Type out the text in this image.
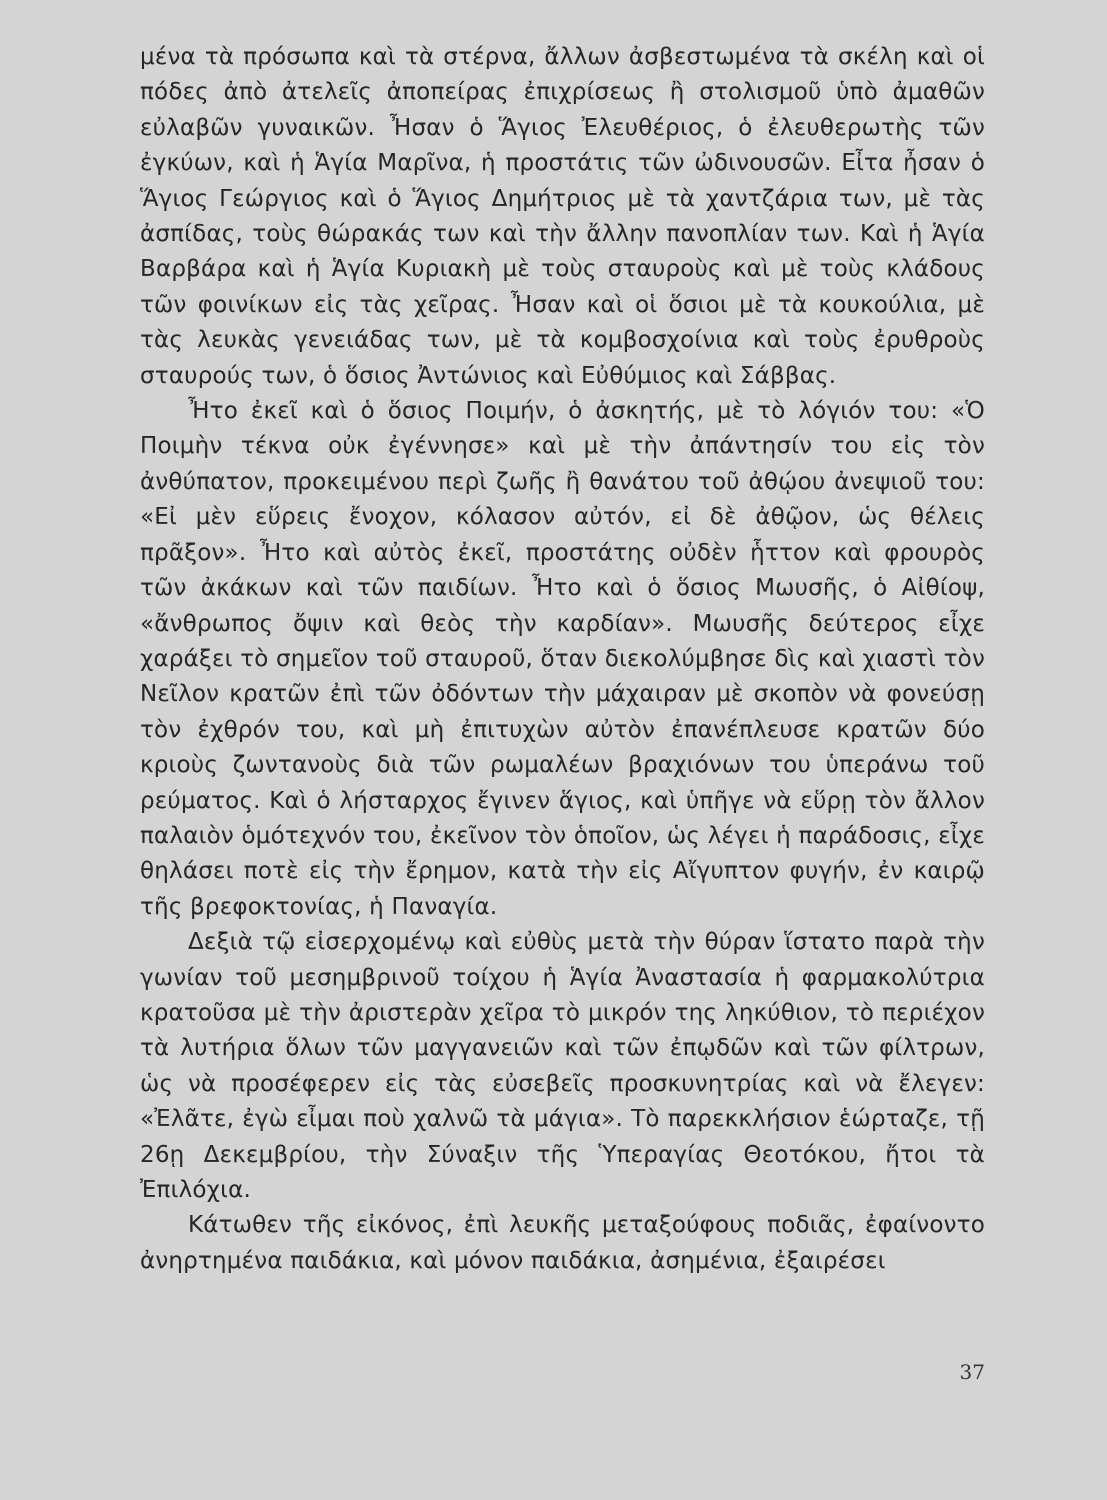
μένα τὰ πρόσωπα καὶ τὰ στέρνα, ἄλλων ἀσβεστωμένα τὰ σκέλη καὶ οἱ πόδες ἀπὸ ἀτελεῖς ἀποπείρας ἐπιχρίσεως ἢ στολισμοῦ ὑπὸ ἀμαθῶν εὐλαβῶν γυναικῶν. Ἦσαν ὁ Ἅγιος Ἐλευθέριος, ὁ ἐλευθερωτὴς τῶν ἐγκύων, καὶ ἡ Ἁγία Μαρῖνα, ἡ προστάτις τῶν ὠδινουσῶν. Εἶτα ἦσαν ὁ Ἅγιος Γεώργιος καὶ ὁ Ἅγιος Δημήτριος μὲ τὰ χαντζάρια των, μὲ τὰς ἀσπίδας, τοὺς θώρακάς των καὶ τὴν ἄλλην πανοπλίαν των. Καὶ ἡ Ἁγία Βαρβάρα καὶ ἡ Ἁγία Κυριακὴ μὲ τοὺς σταυροὺς καὶ μὲ τοὺς κλάδους τῶν φοινίκων εἰς τὰς χεῖρας. Ἦσαν καὶ οἱ ὅσιοι μὲ τὰ κουκούλια, μὲ τὰς λευκὰς γενειάδας των, μὲ τὰ κομβοσχοίνια καὶ τοὺς ἐρυθροὺς σταυρούς των, ὁ ὅσιος Ἀντώνιος καὶ Εὐθύμιος καὶ Σάββας.

Ἦτο ἐκεῖ καὶ ὁ ὅσιος Ποιμήν, ὁ ἀσκητής, μὲ τὸ λόγιόν του: «Ὁ Ποιμὴν τέκνα οὐκ ἐγέννησε» καὶ μὲ τὴν ἀπάντησίν του εἰς τὸν ἀνθύπατον, προκειμένου περὶ ζωῆς ἢ θανάτου τοῦ ἀθῴου ἀνεψιοῦ του: «Εἰ μὲν εὕρεις ἔνοχον, κόλασον αὐτόν, εἰ δὲ ἀθῷον, ὡς θέλεις πρᾶξον». Ἦτο καὶ αὐτὸς ἐκεῖ, προστάτης οὐδὲν ἧττον καὶ φρουρὸς τῶν ἀκάκων καὶ τῶν παιδίων. Ἦτο καὶ ὁ ὅσιος Μωυσῆς, ὁ Αἰθίοψ, «ἄνθρωπος ὄψιν καὶ θεὸς τὴν καρδίαν». Μωυσῆς δεύτερος εἶχε χαράξει τὸ σημεῖον τοῦ σταυροῦ, ὅταν διεκολύμβησε δὶς καὶ χιαστὶ τὸν Νεῖλον κρατῶν ἐπὶ τῶν ὀδόντων τὴν μάχαιραν μὲ σκοπὸν νὰ φονεύσῃ τὸν ἐχθρόν του, καὶ μὴ ἐπιτυχὼν αὐτὸν ἐπανέπλευσε κρατῶν δύο κριοὺς ζωντανοὺς διὰ τῶν ρωμαλέων βραχιόνων του ὑπεράνω τοῦ ρεύματος. Καὶ ὁ λήσταρχος ἔγινεν ἅγιος, καὶ ὑπῆγε νὰ εὕρῃ τὸν ἄλλον παλαιὸν ὁμότεχνόν του, ἐκεῖνον τὸν ὁποῖον, ὡς λέγει ἡ παράδοσις, εἶχε θηλάσει ποτὲ εἰς τὴν ἔρημον, κατὰ τὴν εἰς Αἴγυπτον φυγήν, ἐν καιρῷ τῆς βρεφοκτονίας, ἡ Παναγία.

Δεξιὰ τῷ εἰσερχομένῳ καὶ εὐθὺς μετὰ τὴν θύραν ἵστατο παρὰ τὴν γωνίαν τοῦ μεσημβρινοῦ τοίχου ἡ Ἁγία Ἀναστασία ἡ φαρμακολύτρια κρατοῦσα μὲ τὴν ἀριστερὰν χεῖρα τὸ μικρόν της ληκύθιον, τὸ περιέχον τὰ λυτήρια ὅλων τῶν μαγγανειῶν καὶ τῶν ἐπῳδῶν καὶ τῶν φίλτρων, ὡς νὰ προσέφερεν εἰς τὰς εὐσεβεῖς προσκυνητρίας καὶ νὰ ἔλεγεν: «Ἐλᾶτε, ἐγὼ εἶμαι ποὺ χαλνῶ τὰ μάγια». Τὸ παρεκκλήσιον ἑώρταζε, τῇ 26ῃ Δεκεμβρίου, τὴν Σύναξιν τῆς Ὑπεραγίας Θεοτόκου, ἤτοι τὰ Ἐπιλόχια.

Κάτωθεν τῆς εἰκόνος, ἐπὶ λευκῆς μεταξούφους ποδιᾶς, ἐφαίνοντο ἀνηρτημένα παιδάκια, καὶ μόνον παιδάκια, ἀσημένια, ἐξαιρέσει

37
